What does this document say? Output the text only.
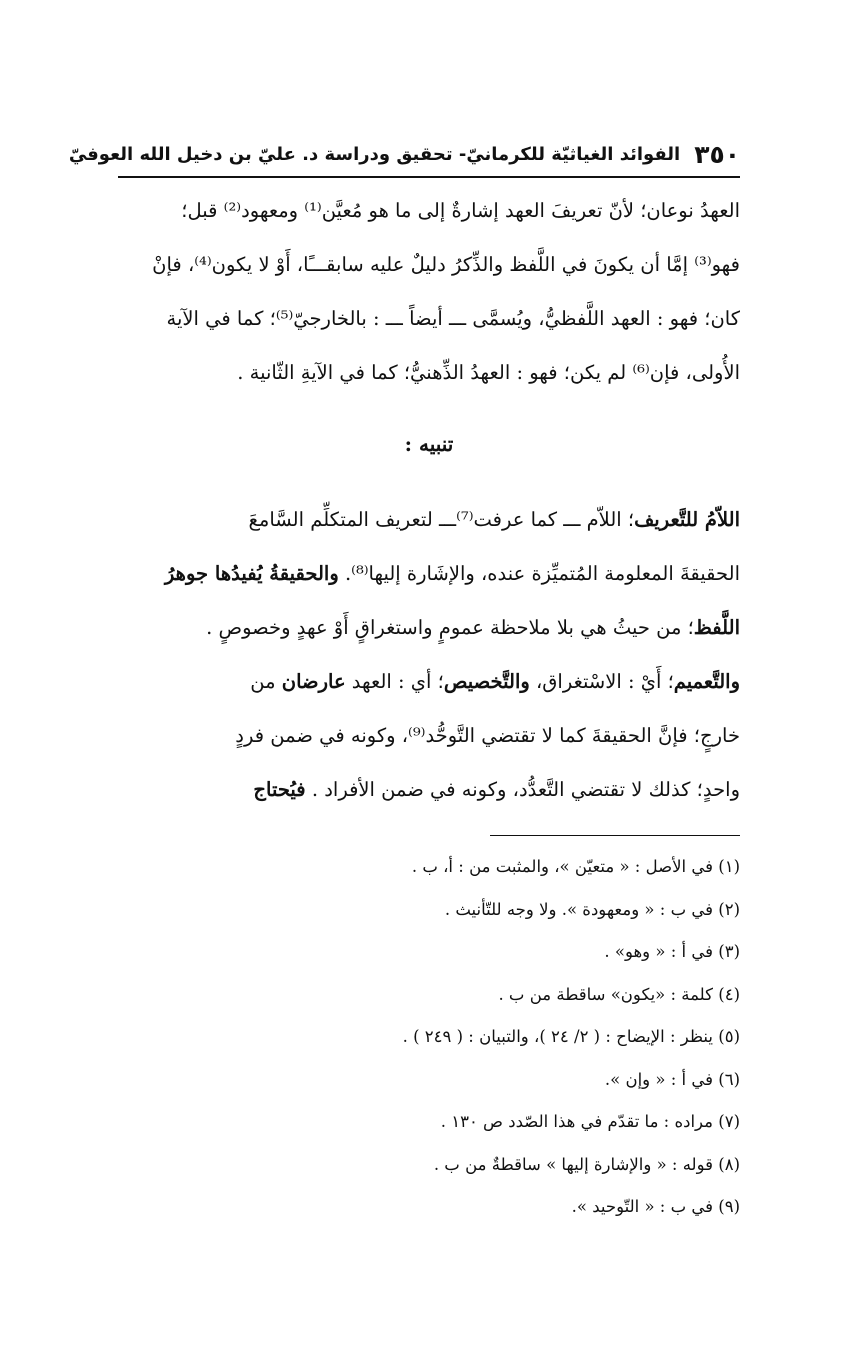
٣٥٠
الفوائد الغياثيّة للكرمانيّ- تحقيق ودراسة د. عليّ بن دخيل الله العوفيّ
العهدُ نوعان؛ لأنّ تعريفَ العهد إشارةٌ إلى ما هو مُعيَّن⁽¹⁾ ومعهود⁽²⁾ قبل؛
فهو⁽³⁾ إمَّا أن يكونَ في اللَّفظ والذِّكرُ دليلٌ عليه سابقـــًا، أَوْ لا يكون⁽⁴⁾، فإنْ
كان؛ فهو : العهد اللَّفظيُّ، ويُسمَّى ـــ أيضاً ـــ : بالخارجيّ⁽⁵⁾؛ كما في الآية
الأُولى، فإن⁽⁶⁾ لم يكن؛ فهو : العهدُ الذِّهنيُّ؛ كما في الآيةِ الثّانية .
تنبيه :
اللاّمُ للتَّعريف؛ اللاّم ـــ كما عرفت⁽⁷⁾ـــ لتعريف المتكلِّم السَّامعَ
الحقيقةَ المعلومة المُتميِّزة عنده، والإشَارة إليها⁽⁸⁾. والحقيقةُ يُفيدُها جوهرُ
اللَّفظ؛ من حيثُ هي بلا ملاحظة عمومٍ واستغراقٍ أَوْ عهدٍ وخصوصٍ .
والتَّعميم؛ أَيْ : الاسْتغراق، والتَّخصيص؛ أي : العهد عارضان من
خارجٍ؛ فإنَّ الحقيقةَ كما لا تقتضي التَّوحُّد⁽⁹⁾، وكونه في ضمن فردٍ
واحدٍ؛ كذلك لا تقتضي التَّعدُّد، وكونه في ضمن الأفراد . فيُحتاج
(١) في الأصل : « متعيّن »، والمثبت من : أ، ب .
(٢) في ب : « ومعهودة ». ولا وجه للتّأنيث .
(٣) في أ : « وهو» .
(٤) كلمة : «يكون» ساقطة من ب .
(٥) ينظر : الإيضاح : ( ٢/ ٢٤ )، والتبيان : ( ٢٤٩ ) .
(٦) في أ : « وإن ».
(٧) مراده : ما تقدّم في هذا الصّدد ص ١٣٠ .
(٨) قوله : « والإشارة إليها » ساقطةٌ من ب .
(٩) في ب : « التّوحيد ».
